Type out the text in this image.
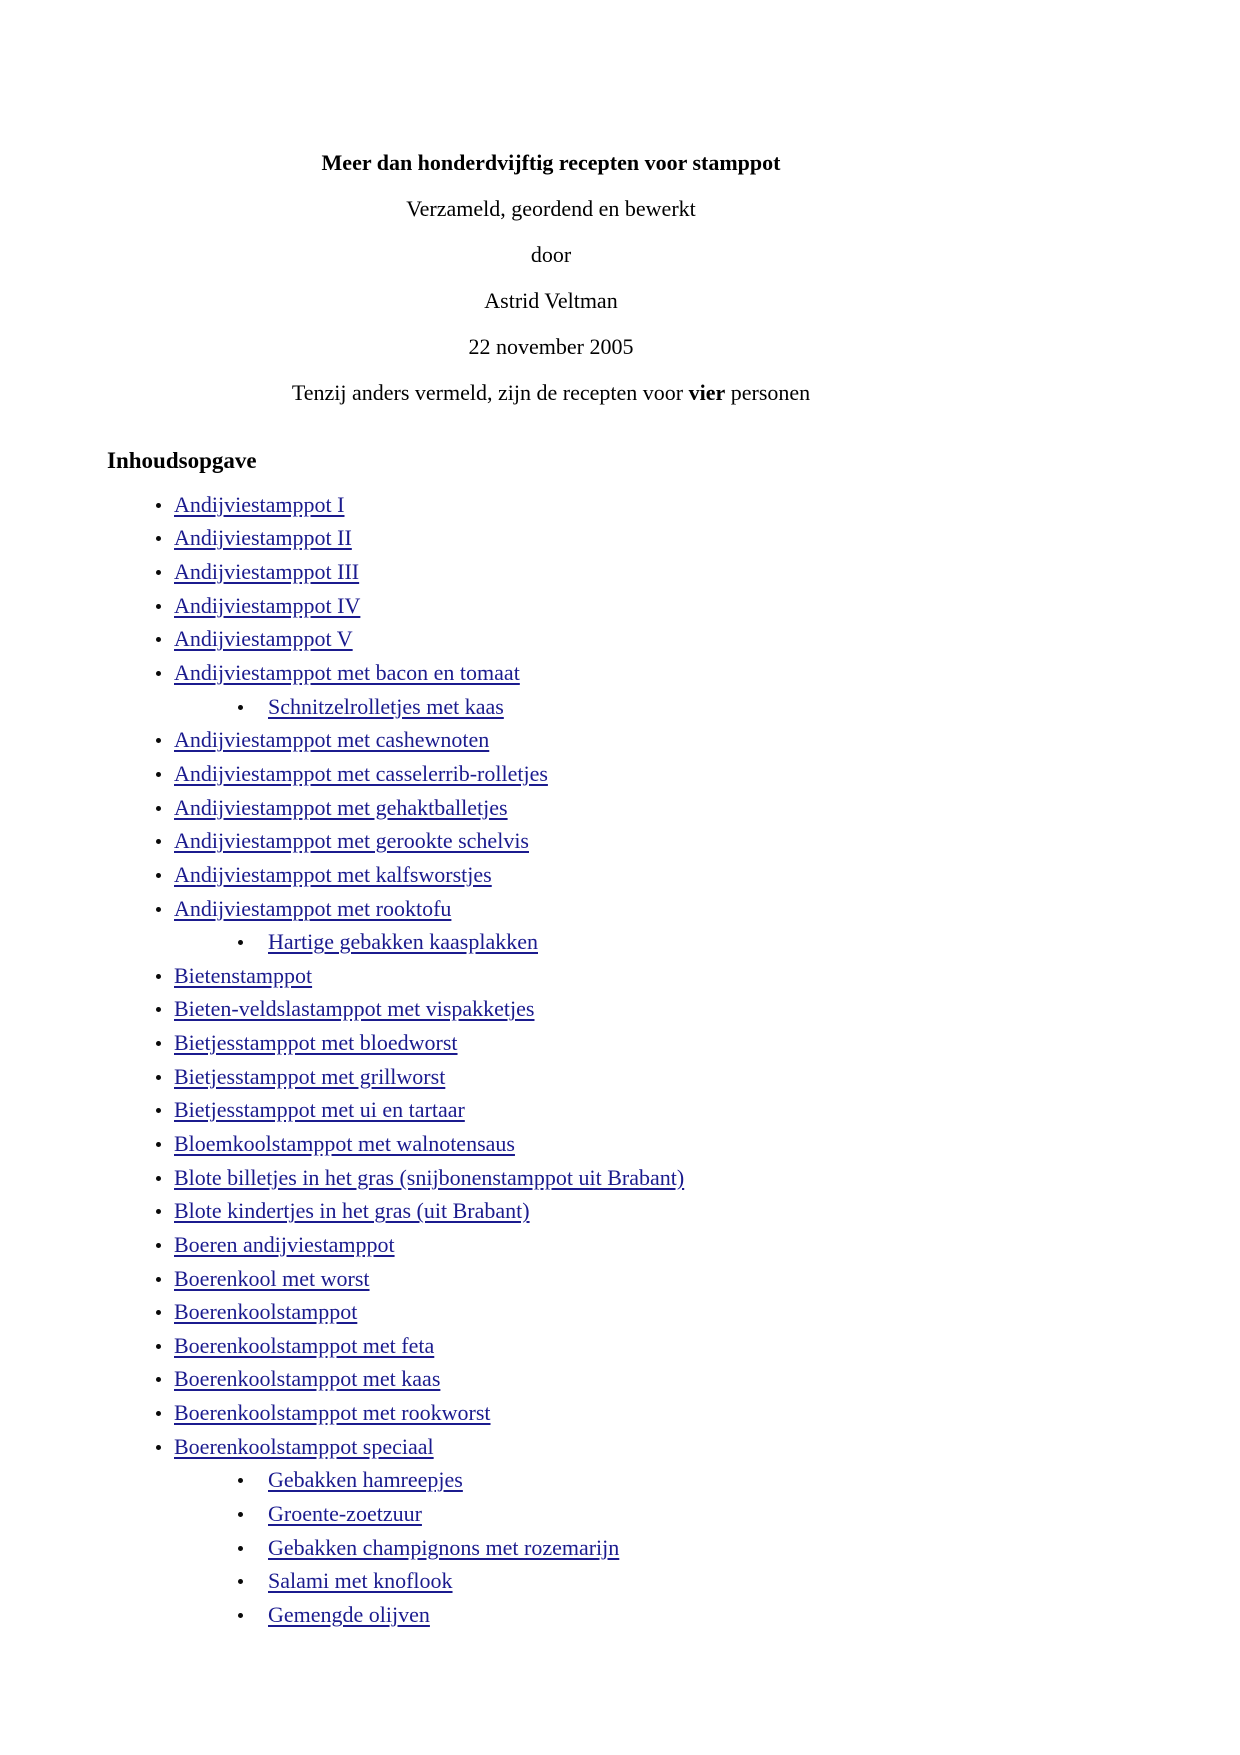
Meer dan honderdvijftig recepten voor stamppot

Verzameld, geordend en bewerkt

door

Astrid Veltman

22 november 2005

Tenzij anders vermeld, zijn de recepten voor vier personen

Inhoudsopgave
Andijviestamppot I
Andijviestamppot II
Andijviestamppot III
Andijviestamppot IV
Andijviestamppot V
Andijviestamppot met bacon en tomaat
Schnitzelrolletjes met kaas
Andijviestamppot met cashewnoten
Andijviestamppot met casselerrib-rolletjes
Andijviestamppot met gehaktballetjes
Andijviestamppot met gerookte schelvis
Andijviestamppot met kalfsworstjes
Andijviestamppot met rooktofu
Hartige gebakken kaasplakken
Bietenstamppot
Bieten-veldslastamppot met vispakketjes
Bietjesstamppot met bloedworst
Bietjesstamppot met grillworst
Bietjesstamppot met ui en tartaar
Bloemkoolstamppot met walnotensaus
Blote billetjes in het gras (snijbonenstamppot uit Brabant)
Blote kindertjes in het gras (uit Brabant)
Boeren andijviestamppot
Boerenkool met worst
Boerenkoolstamppot
Boerenkoolstamppot met feta
Boerenkoolstamppot met kaas
Boerenkoolstamppot met rookworst
Boerenkoolstamppot speciaal
Gebakken hamreepjes
Groente-zoetzuur
Gebakken champignons met rozemarijn
Salami met knoflook
Gemengde olijven
